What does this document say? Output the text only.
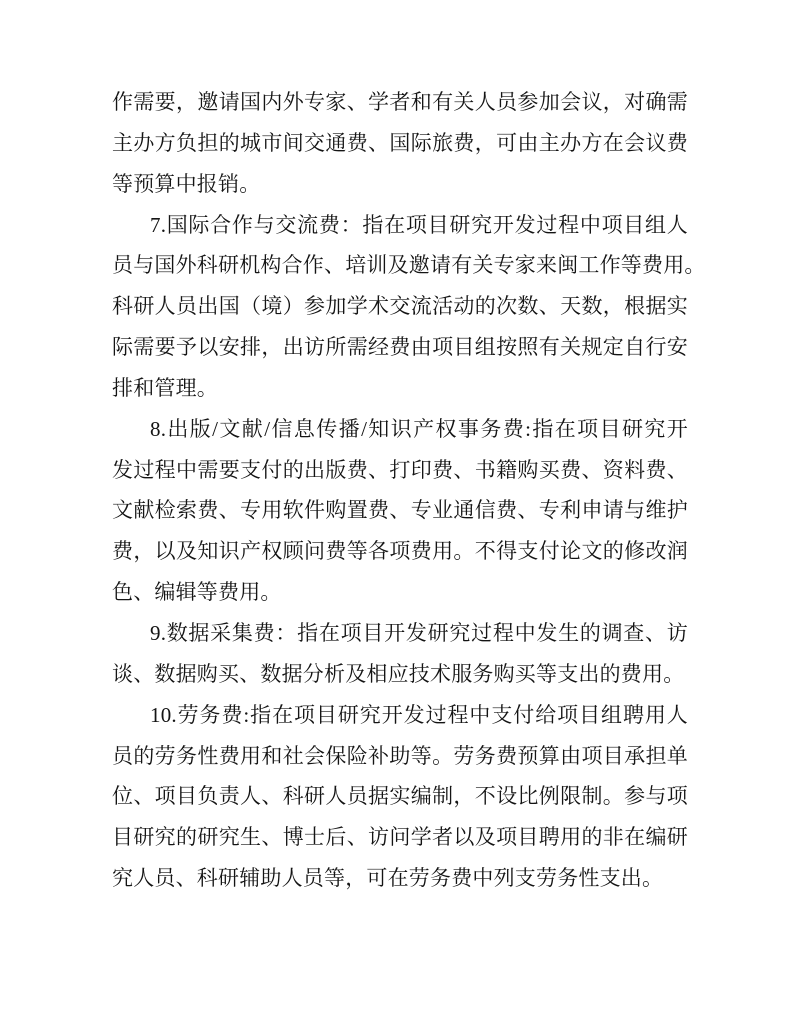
作需要，邀请国内外专家、学者和有关人员参加会议，对确需
主办方负担的城市间交通费、国际旅费，可由主办方在会议费
等预算中报销。
7.国际合作与交流费：指在项目研究开发过程中项目组人
员与国外科研机构合作、培训及邀请有关专家来闽工作等费用。
科研人员出国（境）参加学术交流活动的次数、天数，根据实
际需要予以安排，出访所需经费由项目组按照有关规定自行安
排和管理。
8.出版/文献/信息传播/知识产权事务费:指在项目研究开
发过程中需要支付的出版费、打印费、书籍购买费、资料费、
文献检索费、专用软件购置费、专业通信费、专利申请与维护
费，以及知识产权顾问费等各项费用。不得支付论文的修改润
色、编辑等费用。
9.数据采集费：指在项目开发研究过程中发生的调查、访
谈、数据购买、数据分析及相应技术服务购买等支出的费用。
10.劳务费:指在项目研究开发过程中支付给项目组聘用人
员的劳务性费用和社会保险补助等。劳务费预算由项目承担单
位、项目负责人、科研人员据实编制，不设比例限制。参与项
目研究的研究生、博士后、访问学者以及项目聘用的非在编研
究人员、科研辅助人员等，可在劳务费中列支劳务性支出。
